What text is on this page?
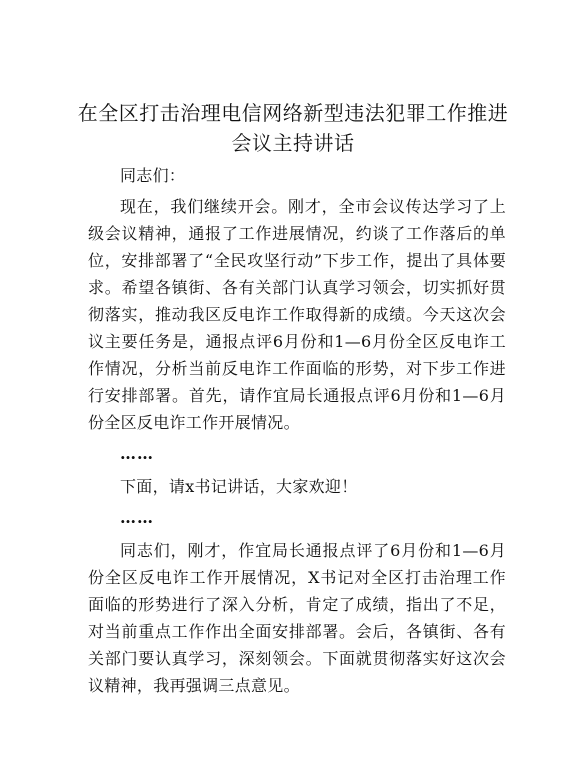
在全区打击治理电信网络新型违法犯罪工作推进会议主持讲话

同志们：

现在，我们继续开会。刚才，全市会议传达学习了上级会议精神，通报了工作进展情况，约谈了工作落后的单位，安排部署了“全民攻坚行动”下步工作，提出了具体要求。希望各镇街、各有关部门认真学习领会，切实抓好贯彻落实，推动我区反电诈工作取得新的成绩。今天这次会议主要任务是，通报点评6月份和1—6月份全区反电诈工作情况，分析当前反电诈工作面临的形势，对下步工作进行安排部署。首先，请作宜局长通报点评6月份和1—6月份全区反电诈工作开展情况。

……

下面，请x书记讲话，大家欢迎！

……

同志们，刚才，作宜局长通报点评了6月份和1—6月份全区反电诈工作开展情况，X书记对全区打击治理工作面临的形势进行了深入分析，肯定了成绩，指出了不足，对当前重点工作作出全面安排部署。会后，各镇街、各有关部门要认真学习，深刻领会。下面就贯彻落实好这次会议精神，我再强调三点意见。
